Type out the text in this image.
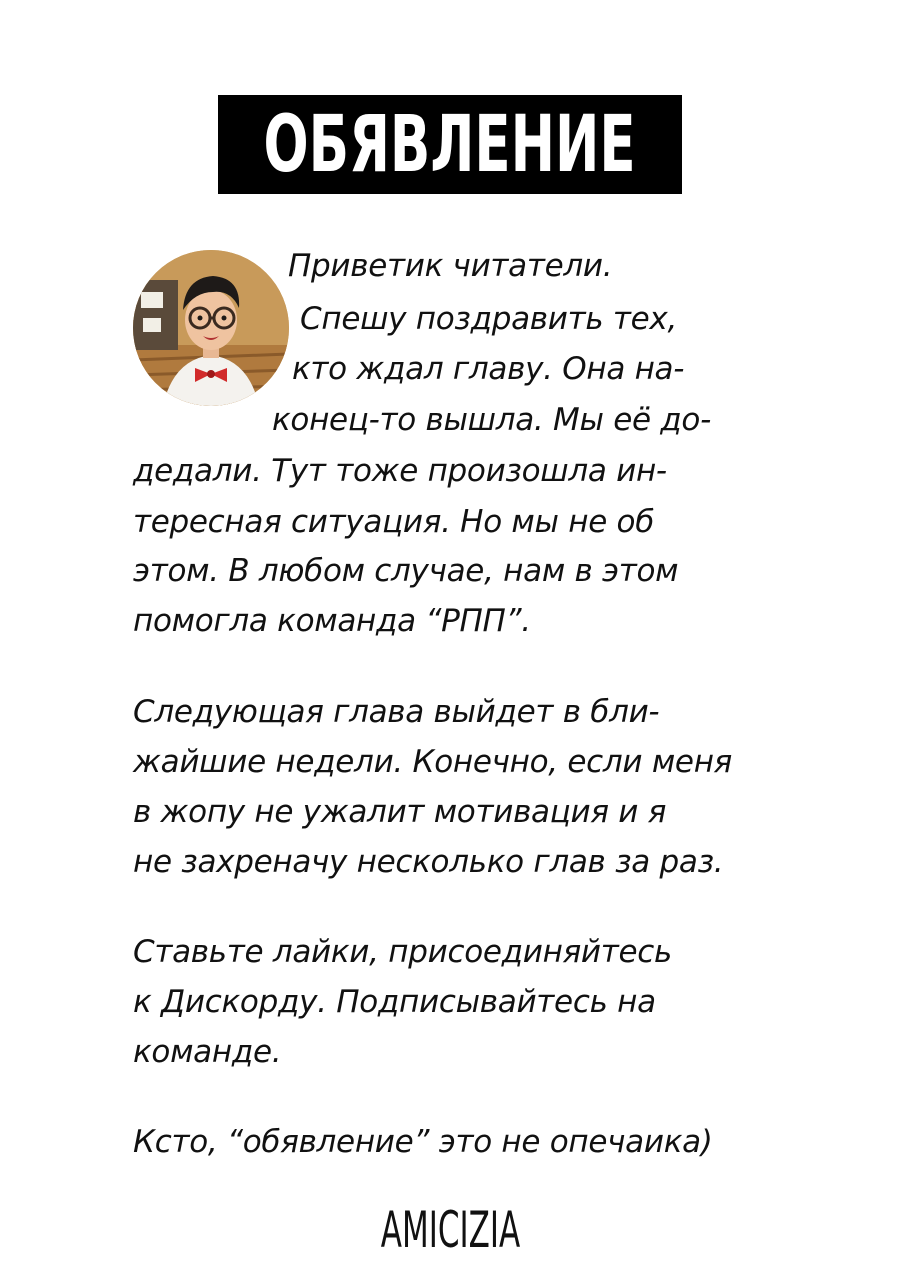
ОБЯВЛЕНИЕ
Приветик читатели.
Спешу поздравить тех,
кто ждал главу. Она на-
конец-то вышла. Мы её до-
дедали. Тут тоже произошла ин-
тересная ситуация. Но мы не об
этом. В любом случае, нам в этом
помогла команда “РПП”.
Следующая глава выйдет в бли-
жайшие недели. Конечно, если меня
в жопу не ужалит мотивация и я
не захреначу несколько глав за раз.
Ставьте лайки, присоединяйтесь
к Дискорду. Подписывайтесь на
команде.
Ксто, “обявление” это не опечаика)
AMICIZIA
